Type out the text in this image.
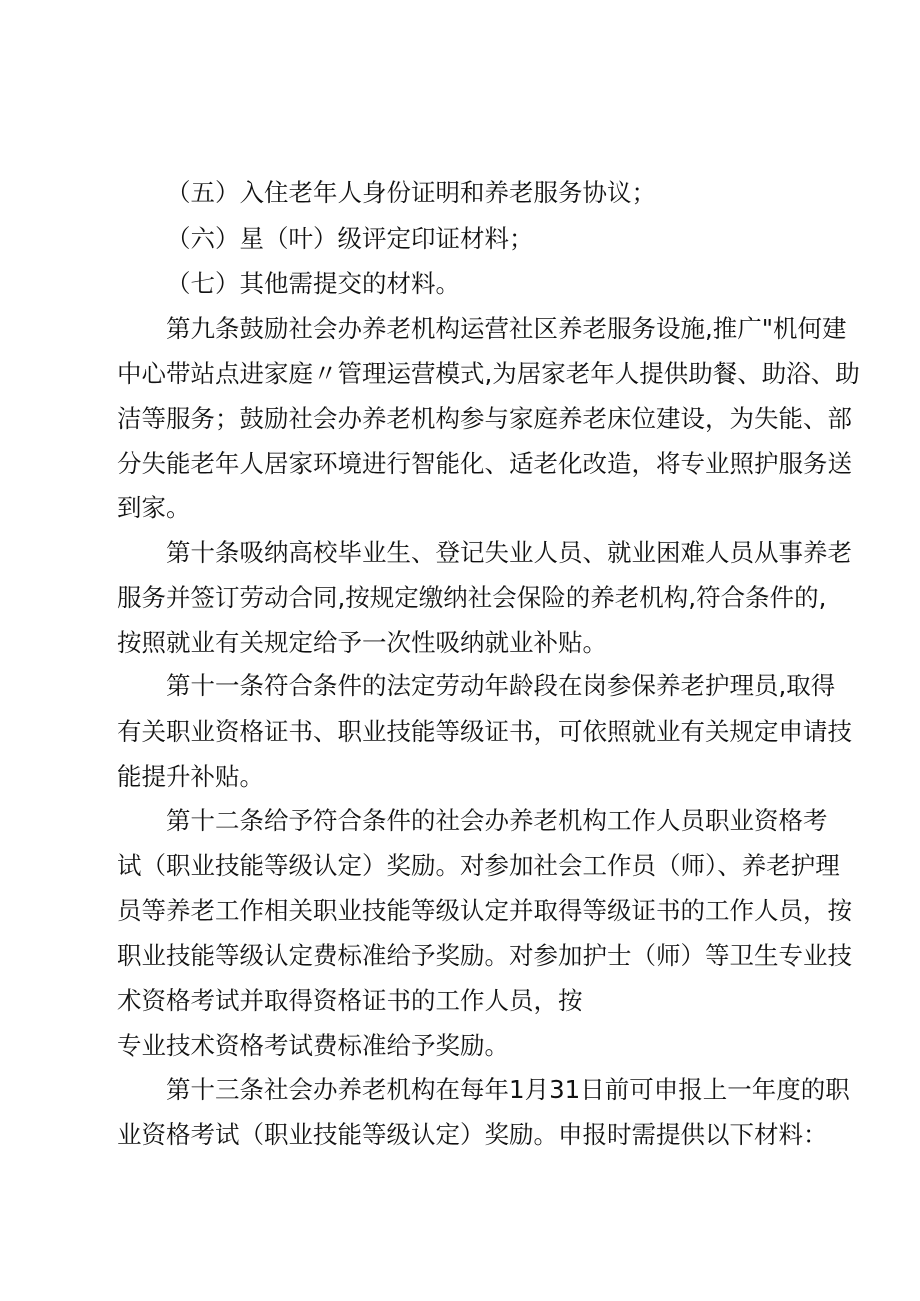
（五）入住老年人身份证明和养老服务协议；
（六）星（叶）级评定印证材料；
（七）其他需提交的材料。
第九条鼓励社会办养老机构运营社区养老服务设施,推广"机何建
中心带站点进家庭〃管理运营模式,为居家老年人提供助餐、助浴、助
洁等服务；鼓励社会办养老机构参与家庭养老床位建设，为失能、部
分失能老年人居家环境进行智能化、适老化改造，将专业照护服务送
到家。
第十条吸纳高校毕业生、登记失业人员、就业困难人员从事养老
服务并签订劳动合同,按规定缴纳社会保险的养老机构,符合条件的,
按照就业有关规定给予一次性吸纳就业补贴。
第十一条符合条件的法定劳动年龄段在岗参保养老护理员,取得
有关职业资格证书、职业技能等级证书，可依照就业有关规定申请技
能提升补贴。
第十二条给予符合条件的社会办养老机构工作人员职业资格考
试（职业技能等级认定）奖励。对参加社会工作员（师）、养老护理
员等养老工作相关职业技能等级认定并取得等级证书的工作人员，按
职业技能等级认定费标准给予奖励。对参加护士（师）等卫生专业技
术资格考试并取得资格证书的工作人员，按
专业技术资格考试费标准给予奖励。
第十三条社会办养老机构在每年1月31日前可申报上一年度的职
业资格考试（职业技能等级认定）奖励。申报时需提供以下材料：
